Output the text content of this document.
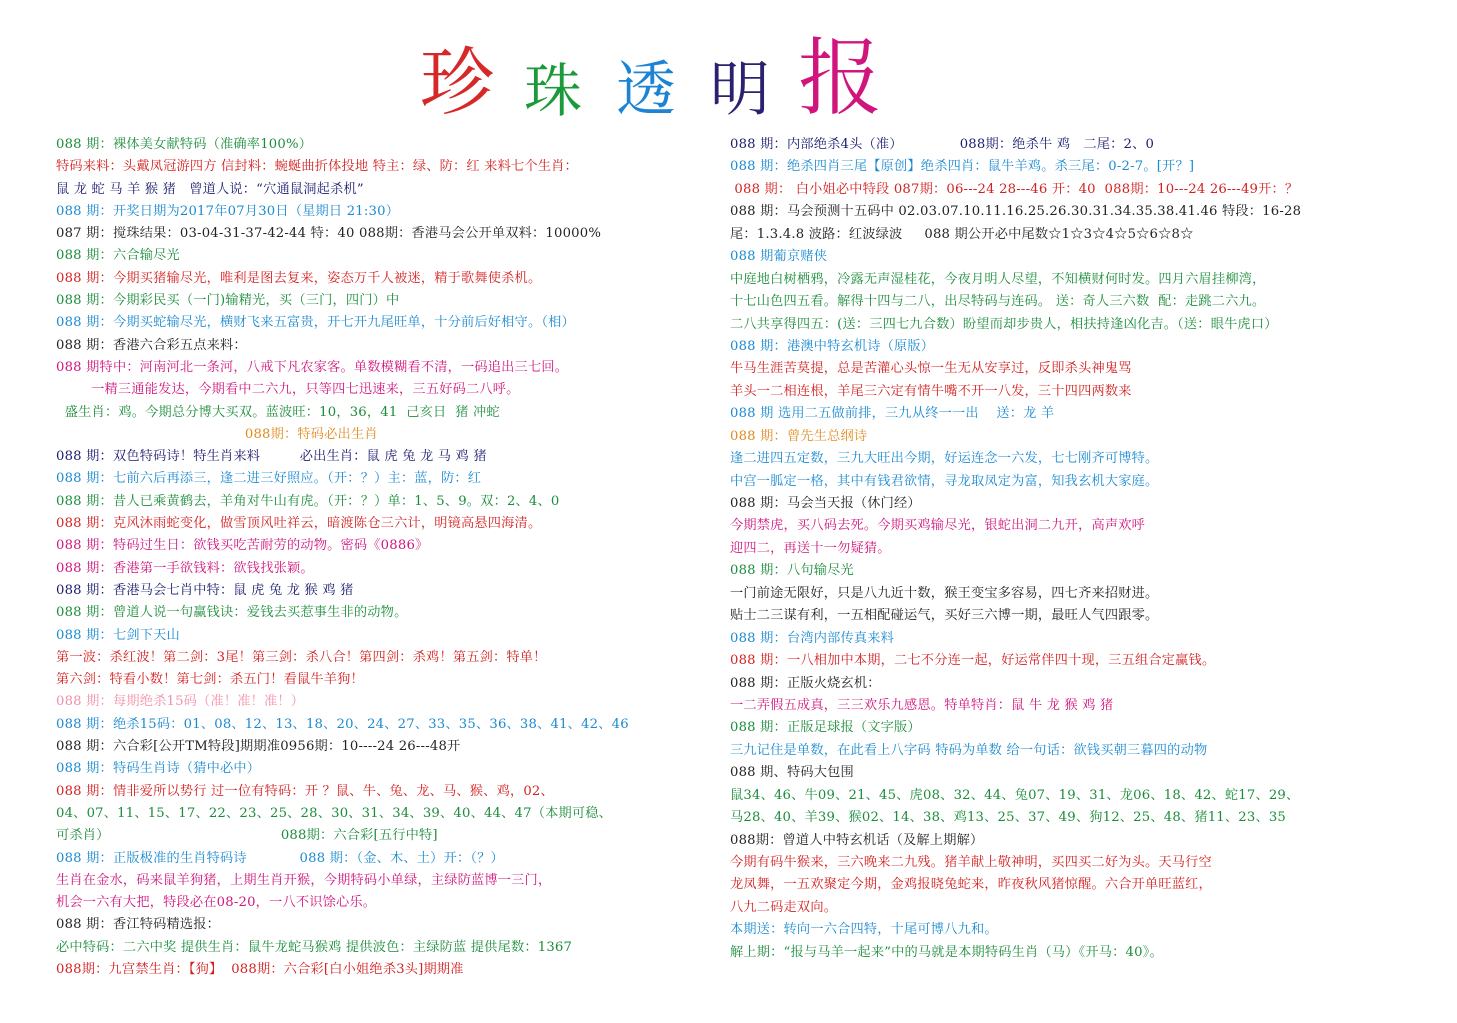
珍 珠 透 明 报
088 期：裸体美女献特码（准确率100%）
特码来料：头戴凤冠游四方 信封料：蜿蜒曲折体投地 特主：绿、防：红 来料七个生肖：
鼠 龙 蛇 马 羊 猴 猪   曾道人说：“穴通鼠洞起杀机”
088 期：开奖日期为2017年07月30日（星期日 21:30）
087 期：搅珠结果：03-04-31-37-42-44 特：40 088期：香港马会公开单双料：10000%
088 期：六合输尽光
088 期：今期买猪输尽光，唯利是图去复来，姿态万千人被迷，精于歌舞使杀机。
088 期：今期彩民买（一门)输精光，买（三门，四门）中
088 期：今期买蛇输尽光，横财飞来五富贵，开七开九尾旺单，十分前后好相守。（相）
088 期：香港六合彩五点来料：
088 期特中：河南河北一条河，八戒下凡农家客。单数模糊看不清，一码追出三七回。
一精三通能发达，今期看中二六九，只等四七迅速来，三五好码二八呼。
盛生肖：鸡。今期总分博大买双。蓝波旺：10，36，41  己亥日  猪 冲蛇
088期：特码必出生肖
088 期：双色特码诗！特生肖来料         必出生肖：鼠 虎 兔 龙 马 鸡 猪
088 期：七前六后再添三，逢二进三好照应。（开：？）主：蓝，防：红
088 期：昔人已乘黄鹤去，羊角对牛山有虎。（开：？）单：1、5、9。双：2、4、0
088 期：克风沐雨蛇变化，做雪顶风吐祥云，暗渡陈仓三六计，明镜高悬四海清。
088 期：特码过生日：欲钱买吃苦耐劳的动物。密码《0886》
088 期：香港第一手欲钱料：欲钱找张颖。
088 期：香港马会七肖中特：鼠 虎 兔 龙 猴 鸡 猪
088 期：曾道人说一句赢钱诀：爱钱去买惹事生非的动物。
088 期：七剑下天山
第一波：杀红波！第二剑：3尾！第三剑：杀八合！第四剑：杀鸡！第五剑：特单！
第六剑：特看小数！第七剑：杀五门！看鼠牛羊狗！
088 期：每期绝杀15码（准！准！准！）
088 期：绝杀15码：01、08、12、13、18、20、24、27、33、35、36、38、41、42、46
088 期：六合彩[公开TM特段]期期准0956期：10----24 26---48开
088 期：特码生肖诗（猜中必中）
088 期：情非爱所以势行 过一位有特码：开 ？鼠、牛、兔、龙、马、猴、鸡，02、
04、07、11、15、17、22、23、25、28、30、31、34、39、40、44、47（本期可稳、
可杀肖）                                       088期：六合彩[五行中特]
088 期：正版极准的生肖特码诗            088 期：（金、木、土）开：（？）
生肖在金水，码来鼠羊狗猪，上期生肖开猴，今期特码小单绿，主绿防蓝博一三门，
机会一六有大把，特段必在08-20，一八不识馀心乐。
088 期：香江特码精选报：
必中特码：二六中奖 提供生肖：鼠牛龙蛇马猴鸡 提供波色：主绿防蓝 提供尾数：1367
088期：九宫禁生肖：【狗】  088期：六合彩[白小姐绝杀3头]期期准
088 期：内部绝杀4头（准）             088期：绝杀牛 鸡   二尾：2、0
088 期：绝杀四肖三尾【原创】绝杀四肖：鼠牛羊鸡。杀三尾：0-2-7。[开？]
088 期： 白小姐必中特段 087期：06---24 28---46 开：40  088期：10---24 26---49开：？
088 期：马会预测十五码中 02.03.07.10.11.16.25.26.30.31.34.35.38.41.46 特段：16-28
尾：1.3.4.8 波路：红波绿波     088 期公开必中尾数☆1☆3☆4☆5☆6☆8☆
088 期葡京赌侠
中庭地白树栖鸦，冷露无声湿桂花，今夜月明人尽望，不知横财何时发。四月六眉挂柳湾，
十七山色四五看。解得十四与二八，出尽特码与连码。 送：奇人三六数  配：走跳二六九。
二八共享得四五：(送：三四七九合数）盼望而却步贵人，相扶持逢凶化吉。（送：眼牛虎口）
088 期：港澳中特玄机诗（原版）
牛马生涯苦莫提，总是苦灌心头惊一生无从安享过，反即杀头神鬼骂
羊头一二相连根，羊尾三六定有情牛嘴不开一八发，三十四四两数来
088 期 选用二五做前排，三九从终一一出    送：龙 羊
088 期：曾先生总纲诗
逢二进四五定数，三九大旺出今期，好运连念一六发，七七刚齐可博特。
中宫一胍定一格，其中有钱君欲情，寻龙取凤定为富，知我玄机大家庭。
088 期：马会当天报（休门经）
今期禁虎，买八码去死。今期买鸡输尽光，银蛇出洞二九开，高声欢呼
迎四二，再送十一勿疑猜。
088 期：八句输尽光
一门前途无限好，只是八九近十数，猴王变宝多容易，四七齐来招财进。
贴士二三谋有利，一五相配碰运气，买好三六博一期，最旺人气四跟零。
088 期：台湾内部传真来料
088 期：一八相加中本期，二七不分连一起，好运常伴四十现，三五组合定赢钱。
088 期：正版火烧玄机：
一二弄假五成真，三三欢乐九感恩。特单特肖：鼠 牛 龙 猴 鸡 猪
088 期：正版足球报（文字版）
三九记住是单数，在此看上八字码 特码为单数 给一句话：欲钱买朝三暮四的动物
088 期、特码大包围
鼠34、46、牛09、21、45、虎08、32、44、兔07、19、31、龙06、18、42、蛇17、29、
马28、40、羊39、猴02、14、38、鸡13、25、37、49、狗12、25、48、猪11、23、35
088期：曾道人中特玄机话（及解上期解）
今期有码牛猴来，三六晚来二九残。猪羊献上敬神明，买四买二好为头。天马行空
龙凤舞，一五欢聚定今期，金鸡报晓兔蛇来，昨夜秋风猪惊醒。六合开单旺蓝红，
八九二码走双向。
本期送：转向一六合四特，十尾可博八九和。
解上期：“报与马羊一起来”中的马就是本期特码生肖（马）《开马：40》。
